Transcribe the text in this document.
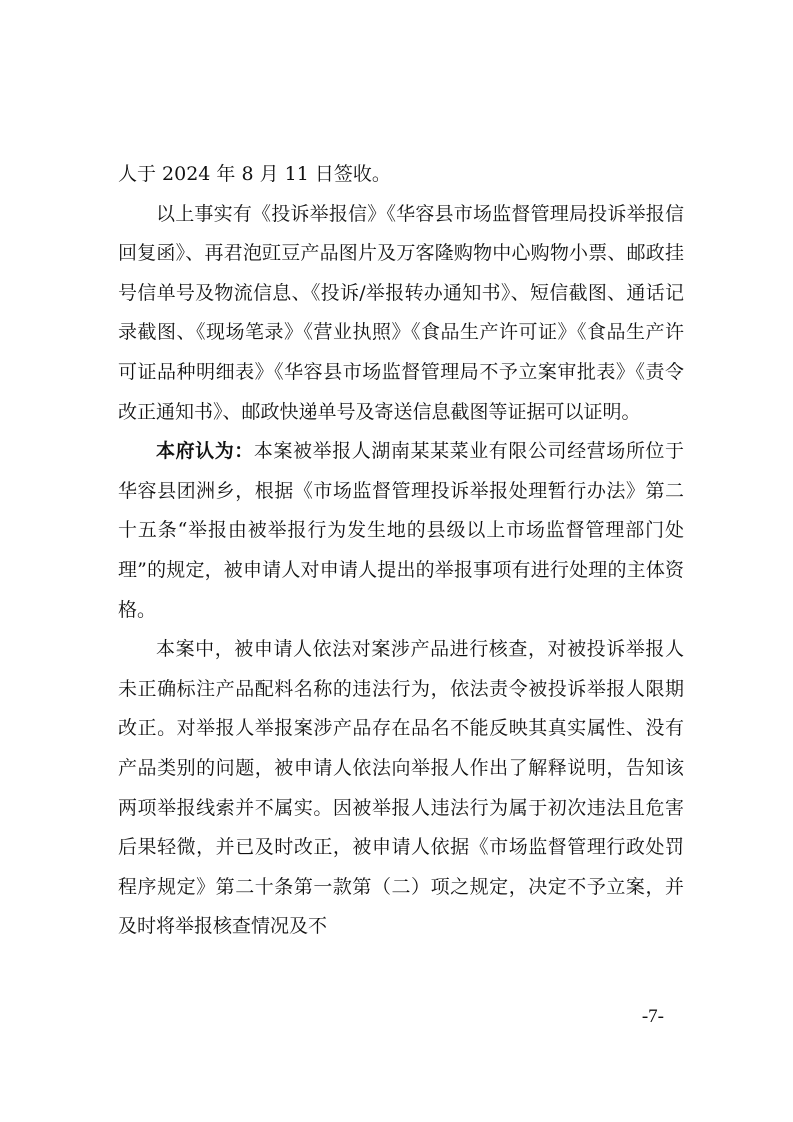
人于 2024 年 8 月 11 日签收。

以上事实有《投诉举报信》《华容县市场监督管理局投诉举报信回复函》、再君泡豇豆产品图片及万客隆购物中心购物小票、邮政挂号信单号及物流信息、《投诉/举报转办通知书》、短信截图、通话记录截图、《现场笔录》《营业执照》《食品生产许可证》《食品生产许可证品种明细表》《华容县市场监督管理局不予立案审批表》《责令改正通知书》、邮政快递单号及寄送信息截图等证据可以证明。

本府认为：本案被举报人湖南某某菜业有限公司经营场所位于华容县团洲乡，根据《市场监督管理投诉举报处理暂行办法》第二十五条“举报由被举报行为发生地的县级以上市场监督管理部门处理”的规定，被申请人对申请人提出的举报事项有进行处理的主体资格。

本案中，被申请人依法对案涉产品进行核查，对被投诉举报人未正确标注产品配料名称的违法行为，依法责令被投诉举报人限期改正。对举报人举报案涉产品存在品名不能反映其真实属性、没有产品类别的问题，被申请人依法向举报人作出了解释说明，告知该两项举报线索并不属实。因被举报人违法行为属于初次违法且危害后果轻微，并已及时改正，被申请人依据《市场监督管理行政处罚程序规定》第二十条第一款第（二）项之规定，决定不予立案，并及时将举报核查情况及不

-7-
